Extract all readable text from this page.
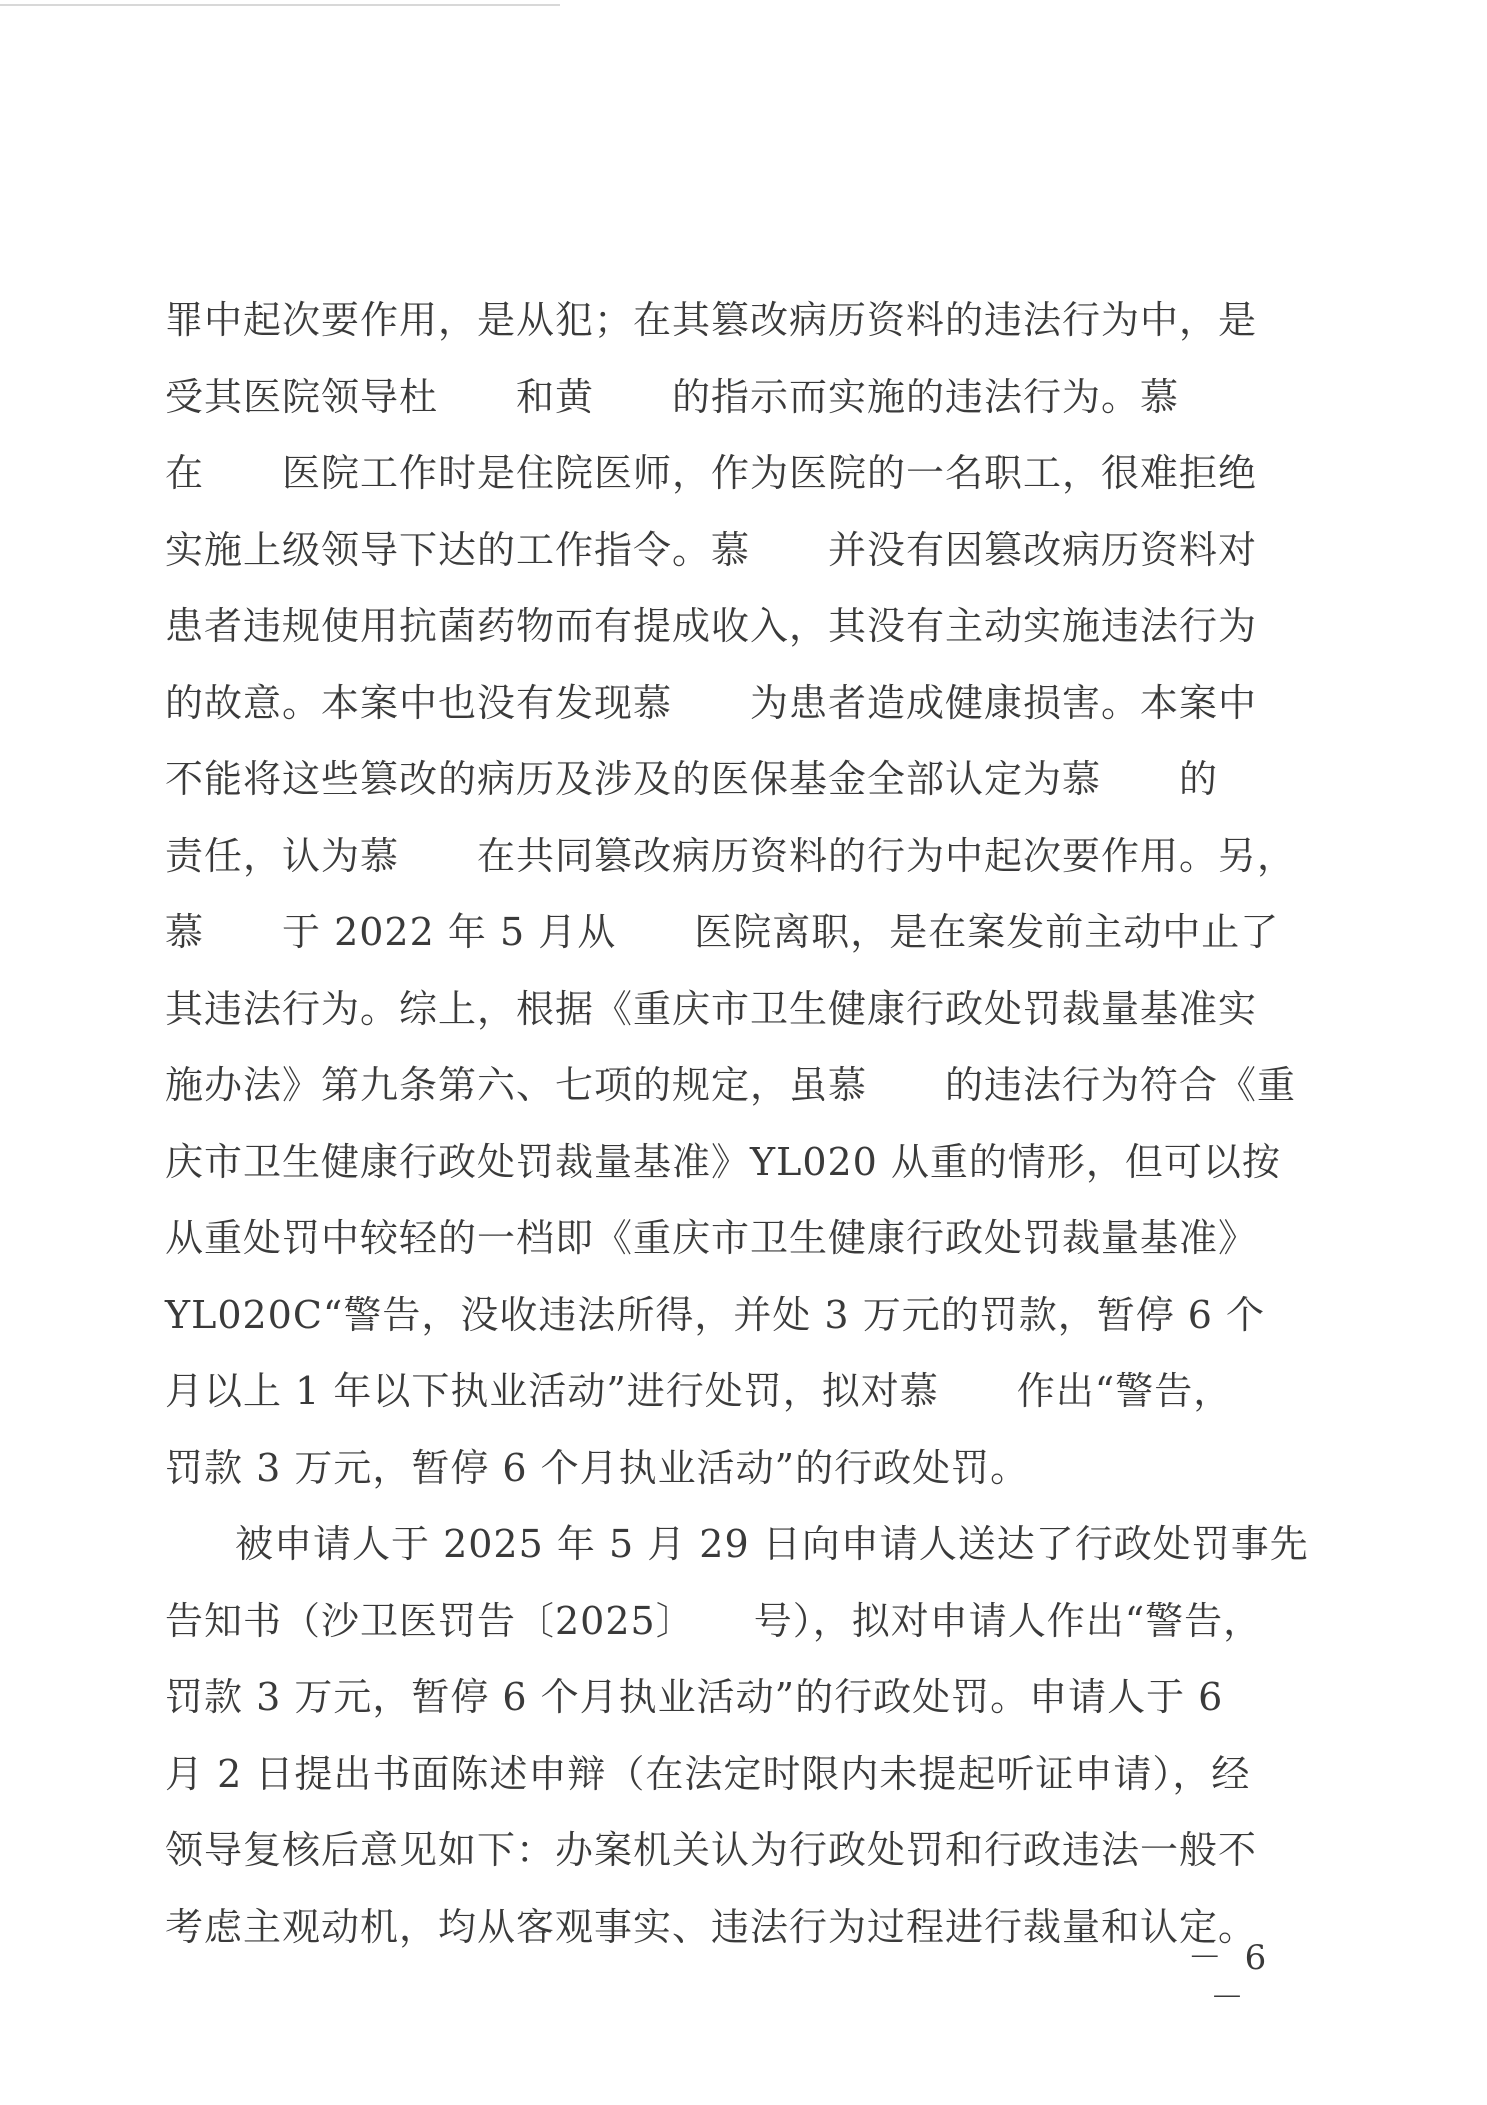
罪中起次要作用，是从犯；在其篡改病历资料的违法行为中，是
受其医院领导杜　　和黄　　的指示而实施的违法行为。慕
在　　医院工作时是住院医师，作为医院的一名职工，很难拒绝
实施上级领导下达的工作指令。慕　　并没有因篡改病历资料对
患者违规使用抗菌药物而有提成收入，其没有主动实施违法行为
的故意。本案中也没有发现慕　　为患者造成健康损害。本案中
不能将这些篡改的病历及涉及的医保基金全部认定为慕　　的
责任，认为慕　　在共同篡改病历资料的行为中起次要作用。另，
慕　　于 2022 年 5 月从　　医院离职，是在案发前主动中止了
其违法行为。综上，根据《重庆市卫生健康行政处罚裁量基准实
施办法》第九条第六、七项的规定，虽慕　　的违法行为符合《重
庆市卫生健康行政处罚裁量基准》YL020 从重的情形，但可以按
从重处罚中较轻的一档即《重庆市卫生健康行政处罚裁量基准》
YL020C“警告，没收违法所得，并处 3 万元的罚款，暂停 6 个
月以上 1 年以下执业活动”进行处罚，拟对慕　　作出“警告，
罚款 3 万元，暂停 6 个月执业活动”的行政处罚。
被申请人于 2025 年 5 月 29 日向申请人送达了行政处罚事先
告知书（沙卫医罚告〔2025〕　　号），拟对申请人作出“警告，
罚款 3 万元，暂停 6 个月执业活动”的行政处罚。申请人于 6
月 2 日提出书面陈述申辩（在法定时限内未提起听证申请），经
领导复核后意见如下：办案机关认为行政处罚和行政违法一般不
考虑主观动机，均从客观事实、违法行为过程进行裁量和认定。
－ 6 －
